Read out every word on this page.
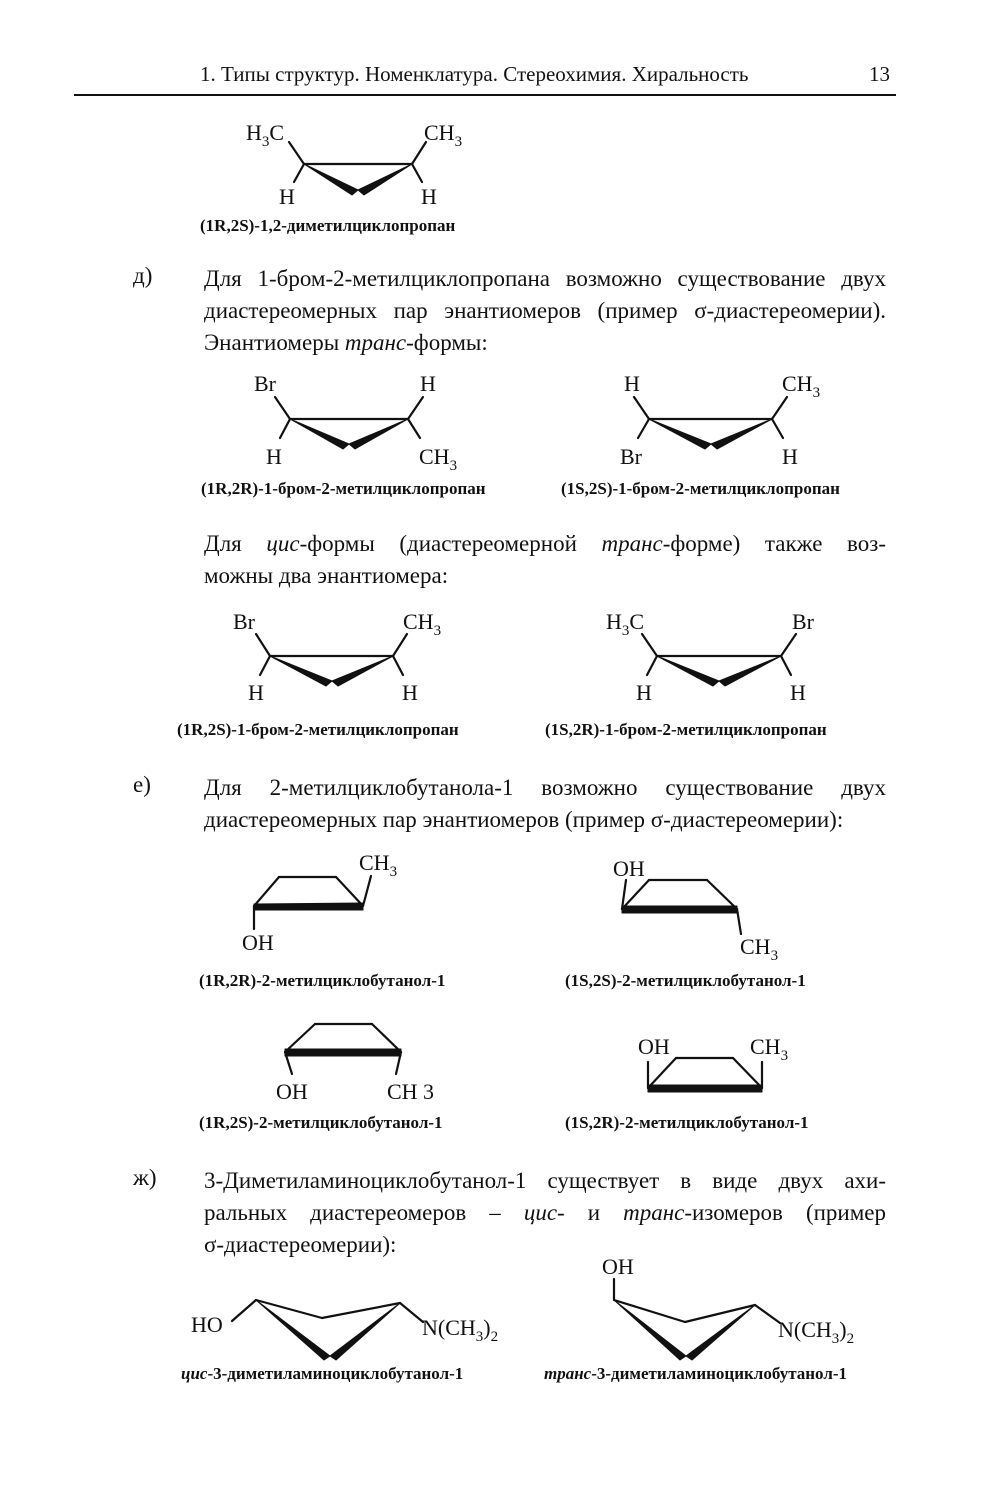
1. Типы структур. Номенклатура. Стереохимия. Хиральность	13
$H_3C$	$CH_3$
H	H
(1R,2S)-1,2-диметилциклопропан
д) Для 1-бром-2-метилциклопропана возможно существование двух
диастереомерных пар энантиомеров (пример σ-диастереомерии).
Энантиомеры транс-формы:
Br	H
H	$CH_3$
H	$CH_3$
Br	H
(1R,2R)-1-бром-2-метилциклопропан	(1S,2S)-1-бром-2-метилциклопропан
Для цис-формы (диастереомерной транс-форме) также воз-
можны два энантиомера:
Br	$CH_3$
H	H
$H_3C$	Br
H	H
(1R,2S)-1-бром-2-метилциклопропан	(1S,2R)-1-бром-2-метилциклопропан
е) Для 2-метилциклобутанола-1 возможно существование двух
диастереомерных пар энантиомеров (пример σ-диастереомерии):
OH
$CH_3$	OH
$CH_3$
(1R,2R)-2-метилциклобутанол-1	(1S,2S)-2-метилциклобутанол-1
OH	CH 3
OH	$CH_3$
(1R,2S)-2-метилциклобутанол-1	(1S,2R)-2-метилциклобутанол-1
ж) 3-Диметиламиноциклобутанол-1 существует в виде двух ахи-
ральных диастереомеров – цис- и транс-изомеров (пример
σ-диастереомерии):
HO	$N(CH_3)_2$
OH
$N(CH_3)_2$
цис-3-диметиламиноциклобутанол-1	транс-3-диметиламиноциклобутанол-1
